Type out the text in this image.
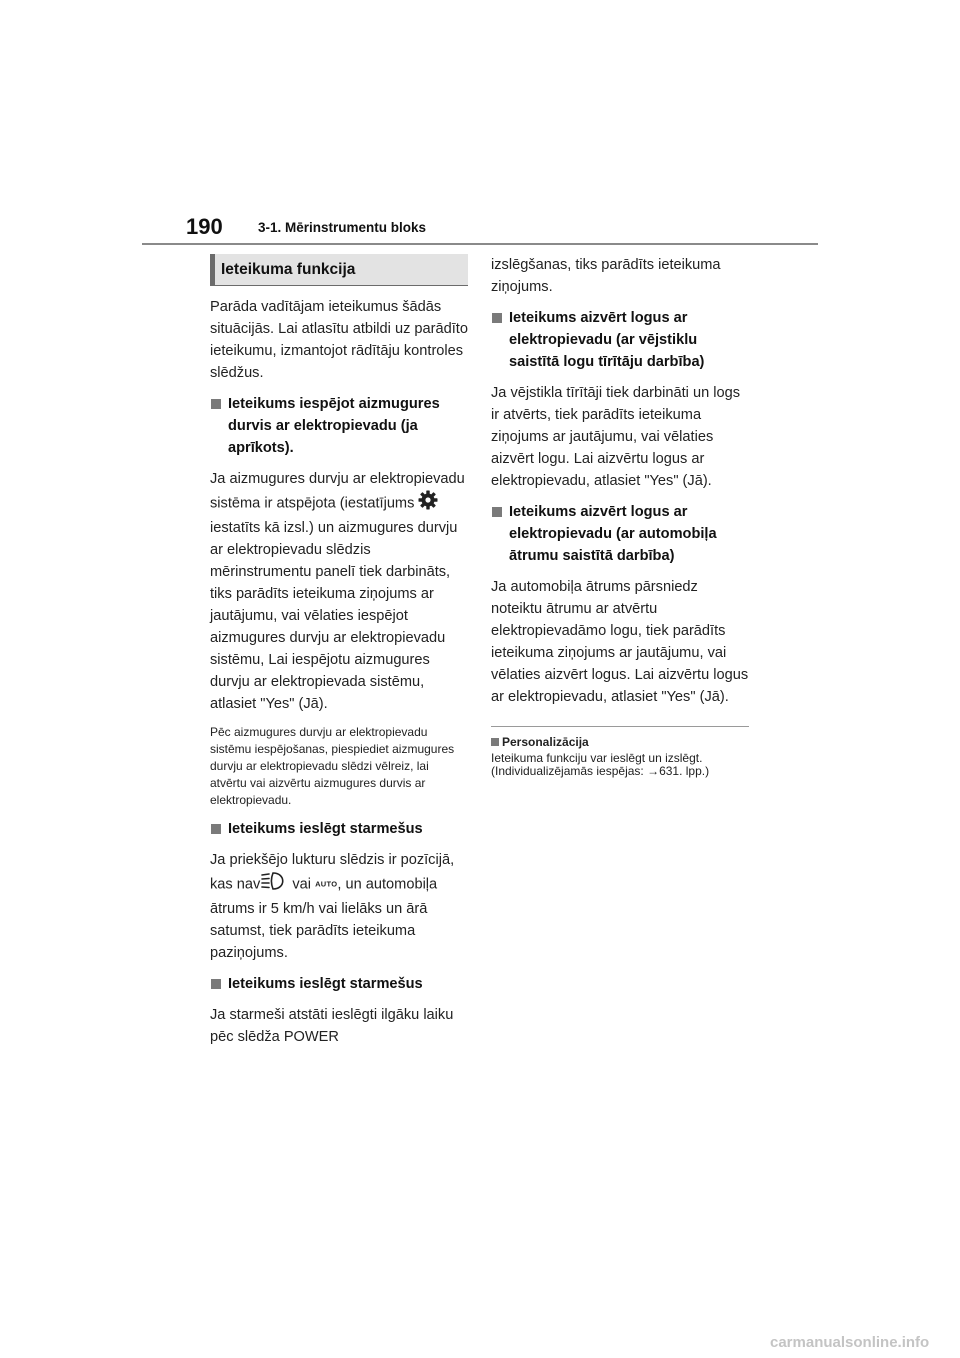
190	3-1. Mērinstrumentu bloks
Ieteikuma funkcija

Parāda vadītājam ieteikumus šādās situācijās. Lai atlasītu atbildi uz parādīto ieteikumu, izmantojot rādītāju kontroles slēdžus.

Ieteikums iespējot aizmugures durvis ar elektropievadu (ja aprīkots).

Ja aizmugures durvju ar elektropievadu sistēma ir atspējota (iestatījums  iestatīts kā izsl.) un aizmugures durvju ar elektropievadu slēdzis mērinstrumentu panelī tiek darbināts, tiks parādīts ieteikuma ziņojums ar jautājumu, vai vēlaties iespējot aizmugures durvju ar elektropievadu sistēmu, Lai iespējotu aizmugures durvju ar elektropievada sistēmu, atlasiet "Yes" (Jā).

Pēc aizmugures durvju ar elektropievadu sistēmu iespējošanas, piespiediet aizmugures durvju ar elektropievadu slēdzi vēlreiz, lai atvērtu vai aizvērtu aizmugures durvis ar elektropievadu.

Ieteikums ieslēgt starmešus

Ja priekšējo lukturu slēdzis ir pozīcijā, kas nav vai AUTO, un automobiļa ātrums ir 5 km/h vai lielāks un ārā satumst, tiek parādīts ieteikuma paziņojums.

Ieteikums ieslēgt starmešus

Ja starmeši atstāti ieslēgti ilgāku laiku pēc slēdža POWER

izslēgšanas, tiks parādīts ieteikuma ziņojums.

Ieteikums aizvērt logus ar elektropievadu (ar vējstiklu saistītā logu tīrītāju darbība)

Ja vējstikla tīrītāji tiek darbināti un logs ir atvērts, tiek parādīts ieteikuma ziņojums ar jautājumu, vai vēlaties aizvērt logu. Lai aizvērtu logus ar elektropievadu, atlasiet "Yes" (Jā).

Ieteikums aizvērt logus ar elektropievadu (ar automobiļa ātrumu saistītā darbība)

Ja automobiļa ātrums pārsniedz noteiktu ātrumu ar atvērtu elektropievadāmo logu, tiek parādīts ieteikuma ziņojums ar jautājumu, vai vēlaties aizvērt logus. Lai aizvērtu logus ar elektropievadu, atlasiet "Yes" (Jā).

Personalizācija

Ieteikuma funkciju var ieslēgt un izslēgt. (Individualizējamās iespējas: →631. lpp.)

carmanualsonline.info
